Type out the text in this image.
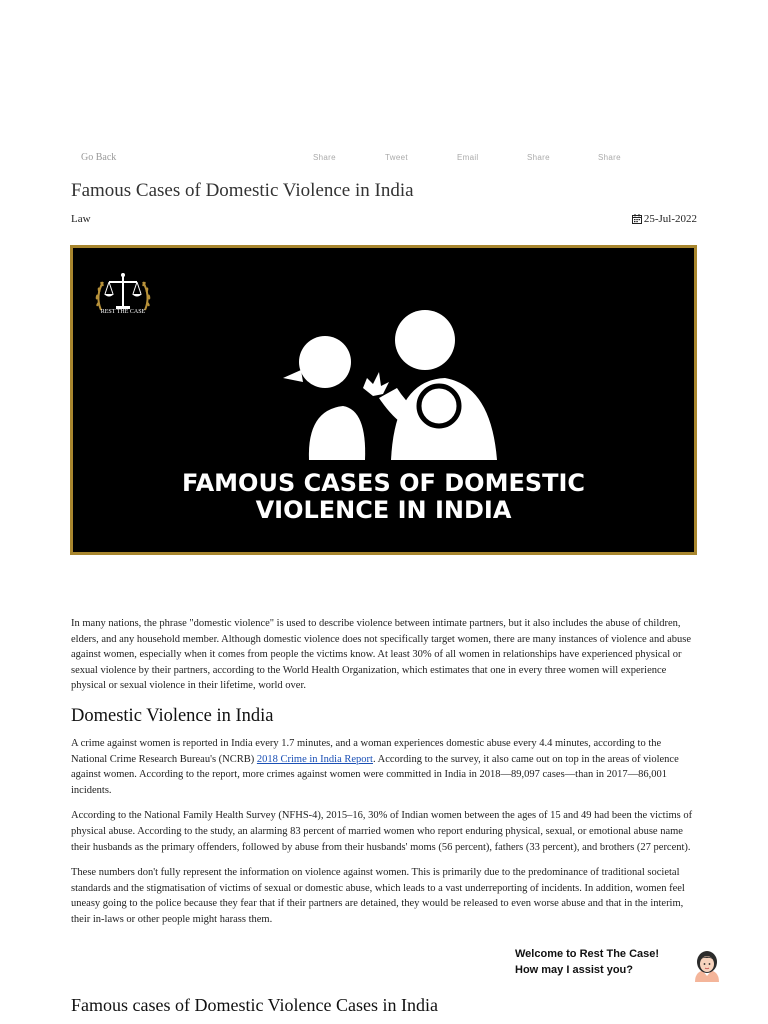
Go Back	Share	Tweet	Email	Share	Share
Famous Cases of Domestic Violence in India
Law	25-Jul-2022
REST THE CASE
FAMOUS CASES OF DOMESTIC
VIOLENCE IN INDIA

In many nations, the phrase "domestic violence" is used to describe violence between intimate partners, but it also includes the abuse of children, elders, and any household member. Although domestic violence does not specifically target women, there are many instances of violence and abuse against women, especially when it comes from people the victims know. At least 30% of all women in relationships have experienced physical or sexual violence by their partners, according to the World Health Organization, which estimates that one in every three women will experience physical or sexual violence in their lifetime, world over.

Domestic Violence in India

A crime against women is reported in India every 1.7 minutes, and a woman experiences domestic abuse every 4.4 minutes, according to the National Crime Research Bureau's (NCRB) 2018 Crime in India Report. According to the survey, it also came out on top in the areas of violence against women. According to the report, more crimes against women were committed in India in 2018—89,097 cases—than in 2017—86,001 incidents.

According to the National Family Health Survey (NFHS-4), 2015–16, 30% of Indian women between the ages of 15 and 49 had been the victims of physical abuse. According to the study, an alarming 83 percent of married women who report enduring physical, sexual, or emotional abuse name their husbands as the primary offenders, followed by abuse from their husbands' moms (56 percent), fathers (33 percent), and brothers (27 percent).

These numbers don't fully represent the information on violence against women. This is primarily due to the predominance of traditional societal standards and the stigmatisation of victims of sexual or domestic abuse, which leads to a vast underreporting of incidents. In addition, women feel uneasy going to the police because they fear that if their partners are detained, they would be released to even worse abuse and that in the interim, their in-laws or other people might harass them.

Famous cases of Domestic Violence Cases in India
Welcome to Rest The Case!
How may I assist you?
